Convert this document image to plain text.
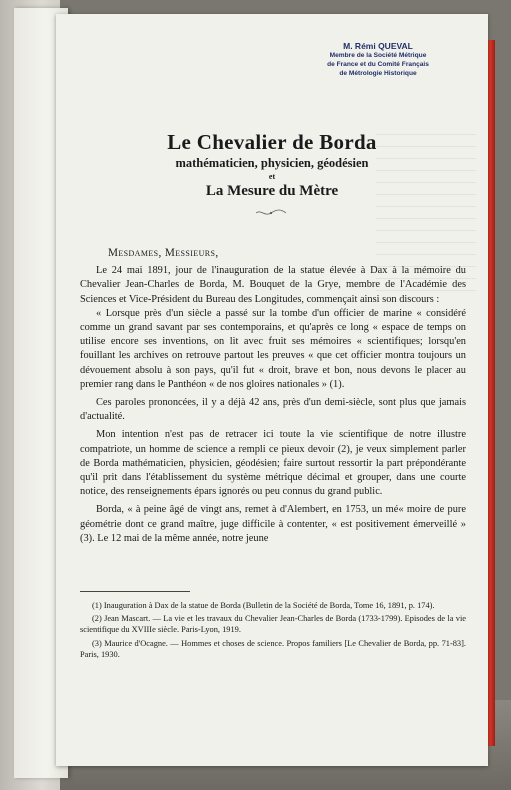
M. Rémi QUEVAL
Membre de la Société Métrique
de France et du Comité Français
de Métrologie Historique
Le Chevalier de Borda
mathématicien, physicien, géodésien
et
La Mesure du Mètre

Mesdames, Messieurs,

Le 24 mai 1891, jour de l'inauguration de la statue élevée à Dax à la mémoire du Chevalier Jean-Charles de Borda, M. Bouquet de la Grye, membre de l'Académie des Sciences et Vice-Président du Bureau des Longitudes, commençait ainsi son discours :

« Lorsque près d'un siècle a passé sur la tombe d'un officier de marine « considéré comme un grand savant par ses contemporains, et qu'après ce long « espace de temps on utilise encore ses inventions, on lit avec fruit ses mémoires « scientifiques; lorsqu'en fouillant les archives on retrouve partout les preuves « que cet officier montra toujours un dévouement absolu à son pays, qu'il fut « droit, brave et bon, nous devons le placer au premier rang dans le Panthéon « de nos gloires nationales » (1).

Ces paroles prononcées, il y a déjà 42 ans, près d'un demi-siècle, sont plus que jamais d'actualité.

Mon intention n'est pas de retracer ici toute la vie scientifique de notre illustre compatriote, un homme de science a rempli ce pieux devoir (2), je veux simplement parler de Borda mathématicien, physicien, géodésien; faire surtout ressortir la part prépondérante qu'il prit dans l'établissement du système métrique décimal et grouper, dans une courte notice, des renseignements épars ignorés ou peu connus du grand public.

Borda, « à peine âgé de vingt ans, remet à d'Alembert, en 1753, un mé« moire de pure géométrie dont ce grand maître, juge difficile à contenter, « est positivement émerveillé » (3). Le 12 mai de la même année, notre jeune

(1) Inauguration à Dax de la statue de Borda (Bulletin de la Société de Borda, Tome 16, 1891, p. 174).

(2) Jean Mascart. — La vie et les travaux du Chevalier Jean-Charles de Borda (1733-1799). Episodes de la vie scientifique du XVIIIe siècle. Paris-Lyon, 1919.

(3) Maurice d'Ocagne. — Hommes et choses de science. Propos familiers [Le Chevalier de Borda, pp. 71-83]. Paris, 1930.
